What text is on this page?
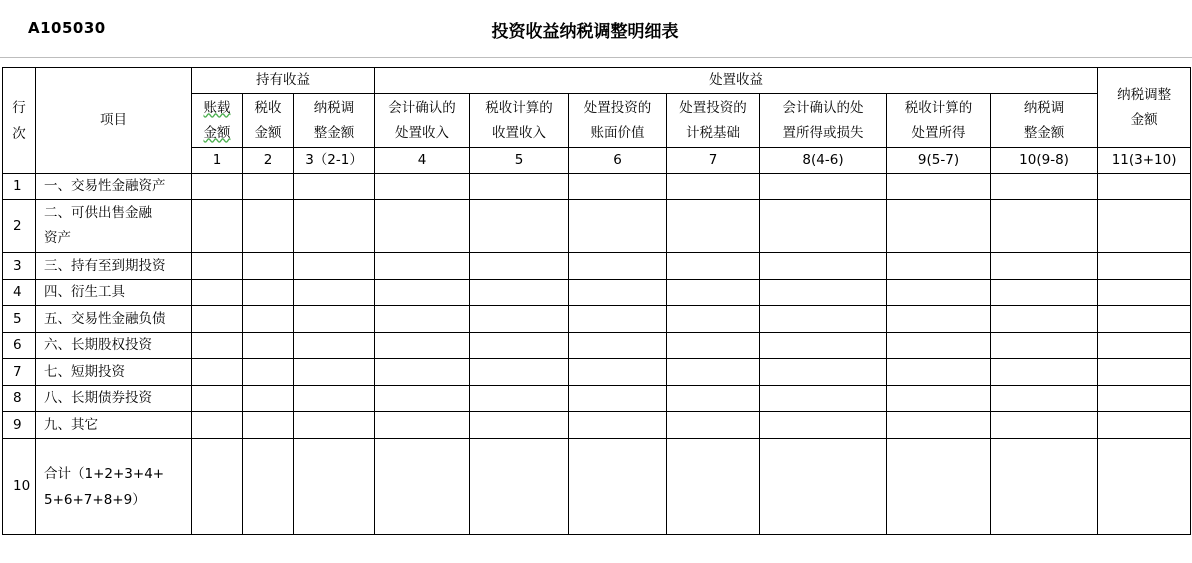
A105030	投资收益纳税调整明细表
行次	项目	持有收益			处置收益							纳税调整金额

		账载金额	税收金额	纳税调整金额	会计确认的处置收入	税收计算的收置收入	处置投资的账面价值	处置投资的计税基础	会计确认的处置所得或损失	税收计算的处置所得	纳税调整金额	

		1	2	3（2-1）	4	5	6	7	8(4-6)	9(5-7)	10(9-8)	11(3+10)
1	一、交易性金融资产											
2	二、可供出售金融资产											

3	三、持有至到期投资											
4	四、衍生工具											
5	五、交易性金融负债											
6	六、长期股权投资											
7	七、短期投资											
8	八、长期债券投资											
9	九、其它											
10	合计（1+2+3+4+5+6+7+8+9）											
